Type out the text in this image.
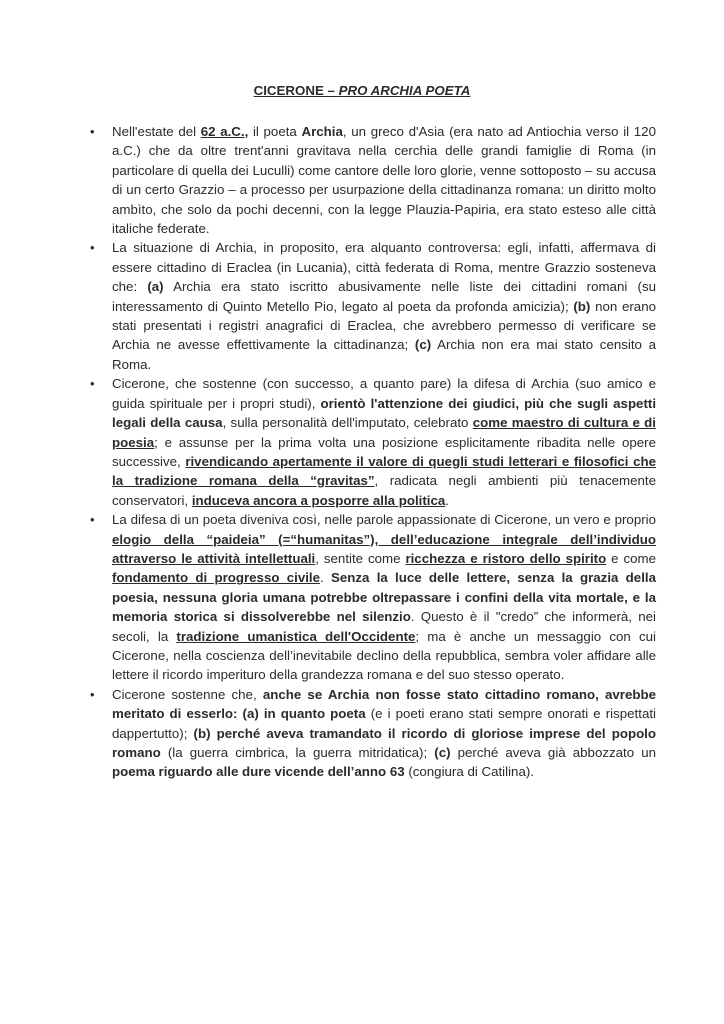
CICERONE – PRO ARCHIA POETA
•	Nell'estate del 62 a.C., il poeta Archia, un greco d'Asia (era nato ad Antiochia verso il 120 a.C.) che da oltre trent'anni gravitava nella cerchia delle grandi famiglie di Roma (in particolare di quella dei Luculli) come cantore delle loro glorie, venne sottoposto – su accusa di un certo Grazzio – a processo per usurpazione della cittadinanza romana: un diritto molto ambìto, che solo da pochi decenni, con la legge Plauzia-Papiria, era stato esteso alle città italiche federate.
•	La situazione di Archia, in proposito, era alquanto controversa: egli, infatti, affermava di essere cittadino di Eraclea (in Lucania), città federata di Roma, mentre Grazzio sosteneva che: (a) Archia era stato iscritto abusivamente nelle liste dei cittadini romani (su interessamento di Quinto Metello Pio, legato al poeta da profonda amicizia); (b) non erano stati presentati i registri anagrafici di Eraclea, che avrebbero permesso di verificare se Archia ne avesse effettivamente la cittadinanza; (c) Archia non era mai stato censito a Roma.
•	Cicerone, che sostenne (con successo, a quanto pare) la difesa di Archia (suo amico e guida spirituale per i propri studi), orientò l'attenzione dei giudici, più che sugli aspetti legali della causa, sulla personalità dell'imputato, celebrato come maestro di cultura e di poesia; e assunse per la prima volta una posizione esplicitamente ribadita nelle opere successive, rivendicando apertamente il valore di quegli studi letterari e filosofici che la tradizione romana della “gravitas”, radicata negli ambienti più tenacemente conservatori, induceva ancora a posporre alla politica.
•	La difesa di un poeta diveniva così, nelle parole appassionate di Cicerone, un vero e proprio elogio della “paideia” (=“humanitas”), dell’educazione integrale dell’individuo attraverso le attività intellettuali, sentite come ricchezza e ristoro dello spirito e come fondamento di progresso civile. Senza la luce delle lettere, senza la grazia della poesia, nessuna gloria umana potrebbe oltrepassare i confini della vita mortale, e la memoria storica si dissolverebbe nel silenzio. Questo è il "credo” che informerà, nei secoli, la tradizione umanistica dell'Occidente; ma è anche un messaggio con cui Cicerone, nella coscienza dell’inevitabile declino della repubblica, sembra voler affidare alle lettere il ricordo imperituro della grandezza romana e del suo stesso operato.
•	Cicerone sostenne che, anche se Archia non fosse stato cittadino romano, avrebbe meritato di esserlo: (a) in quanto poeta (e i poeti erano stati sempre onorati e rispettati dappertutto); (b) perché aveva tramandato il ricordo di gloriose imprese del popolo romano (la guerra cimbrica, la guerra mitridatica); (c) perché aveva già abbozzato un poema riguardo alle dure vicende dell’anno 63 (congiura di Catilina).
